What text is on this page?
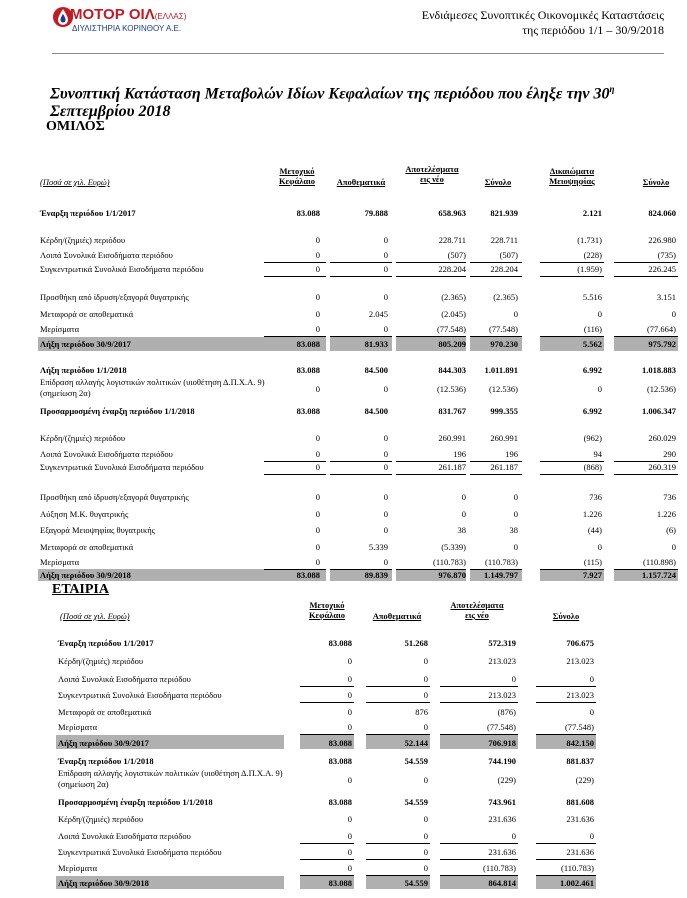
ΜΟΤΟΡ ΟΙΛ(ΕΛΛΑΣ)
ΔΙΥΛΙΣΤΗΡΙΑ ΚΟΡΙΝΘΟΥ Α.Ε.
Ενδιάμεσες Συνοπτικές Οικονομικές Καταστάσεις
της περιόδου 1/1 – 30/9/2018
Συνοπτική Κατάσταση Μεταβολών Ιδίων Κεφαλαίων της περιόδου που έληξε την $30^\eta$
Σεπτεμβρίου 2018
ΟΜΙΛΟΣ
(Ποσά σε χιλ. Ευρώ)
Μετοχικό Κεφάλαιο	Αποθεματικά
Αποτελέσματα εις νέο	Σύνολο
Δικαιώματα Μειοψηφίας	Σύνολο
Έναρξη περιόδου 1/1/2017	83.088	79.888	658.963	821.939	2.121	824.060
Κέρδη/(ζημιές) περιόδου	0	0	228.711	228.711	(1.731)	226.980
Λοιπά Συνολικά Εισοδήματα περιόδου	0	0	(507)	(507)	(228)	(735)
Συγκεντρωτικά Συνολικά Εισοδήματα περιόδου	0	0	228.204	228.204	(1.959)	226.245
Προσθήκη από ίδρυση/εξαγορά θυγατρικής	0	0	(2.365)	(2.365)	5.516	3.151
Μεταφορά σε αποθεματικά	0	2.045	(2.045)	0	0	0
Μερίσματα	0	0	(77.548)	(77.548)	(116)	(77.664)
Λήξη περιόδου 30/9/2017	83.088	81.933	805.209	970.230	5.562	975.792
Λήξη περιόδου 1/1/2018	83.088	84.500	844.303 1.011.891	6.992	1.018.883
Επίδραση αλλαγής λογιστικών πολιτικών (υιοθέτηση Δ.Π.Χ.Α. 9) (σημείωση 2α)	0	0	(12.536)	(12.536)	0	(12.536)
Προσαρμοσμένη έναρξη περιόδου 1/1/2018	83.088	84.500	831.767	999.355	6.992	1.006.347
Κέρδη/(ζημιές) περιόδου	0	0	260.991	260.991	(962)	260.029
Λοιπά Συνολικά Εισοδήματα περιόδου	0	0	196	196	94	290
Συγκεντρωτικά Συνολικά Εισοδήματα περιόδου	0	0	261.187	261.187	(868)	260.319
Προσθήκη από ίδρυση/εξαγορά θυγατρικής	0	0	0	0	736	736
Αύξηση Μ.Κ. θυγατρικής	0	0	0	0	1.226	1.226
Εξαγορά Μειοψηφίας θυγατρικής	0	0	38	38	(44)	(6)
Μεταφορά σε αποθεματικά	0	5.339	(5.339)	0	0	0
Μερίσματα	0	0	(110.783) (110.783)	(115)	(110.898)
Λήξη περιόδου 30/9/2018	83.088	89.839	976.870 1.149.797	7.927	1.157.724
ΕΤΑΙΡΙΑ
(Ποσά σε χιλ. Ευρώ)
Μετοχικό Κεφάλαιο	Αποθεματικά
Αποτελέσματα εις νέο	Σύνολο
Έναρξη περιόδου 1/1/2017	83.088	51.268	572.319	706.675
Κέρδη/(ζημιές) περιόδου	0	0	213.023	213.023
Λοιπά Συνολικά Εισοδήματα περιόδου	0	0	0	0
Συγκεντρωτικά Συνολικά Εισοδήματα περιόδου	0	0	213.023	213.023
Μεταφορά σε αποθεματικά	0	876	(876)	0
Μερίσματα	0	0	(77.548)	(77.548)
Λήξη περιόδου 30/9/2017	83.088	52.144	706.918	842.150
Έναρξη περιόδου 1/1/2018	83.088	54.559	744.190	881.837
Επίδραση αλλαγής λογιστικών πολιτικών (υιοθέτηση Δ.Π.Χ.Α. 9) (σημείωση 2α)	0	0	(229)	(229)
Προσαρμοσμένη έναρξη περιόδου 1/1/2018	83.088	54.559	743.961	881.608
Κέρδη/(ζημιές) περιόδου	0	0	231.636	231.636
Λοιπά Συνολικά Εισοδήματα περιόδου	0	0	0	0
Συγκεντρωτικά Συνολικά Εισοδήματα περιόδου	0	0	231.636	231.636
Μερίσματα	0	0	(110.783)	(110.783)
Λήξη περιόδου 30/9/2018	83.088	54.559	864.814	1.002.461
